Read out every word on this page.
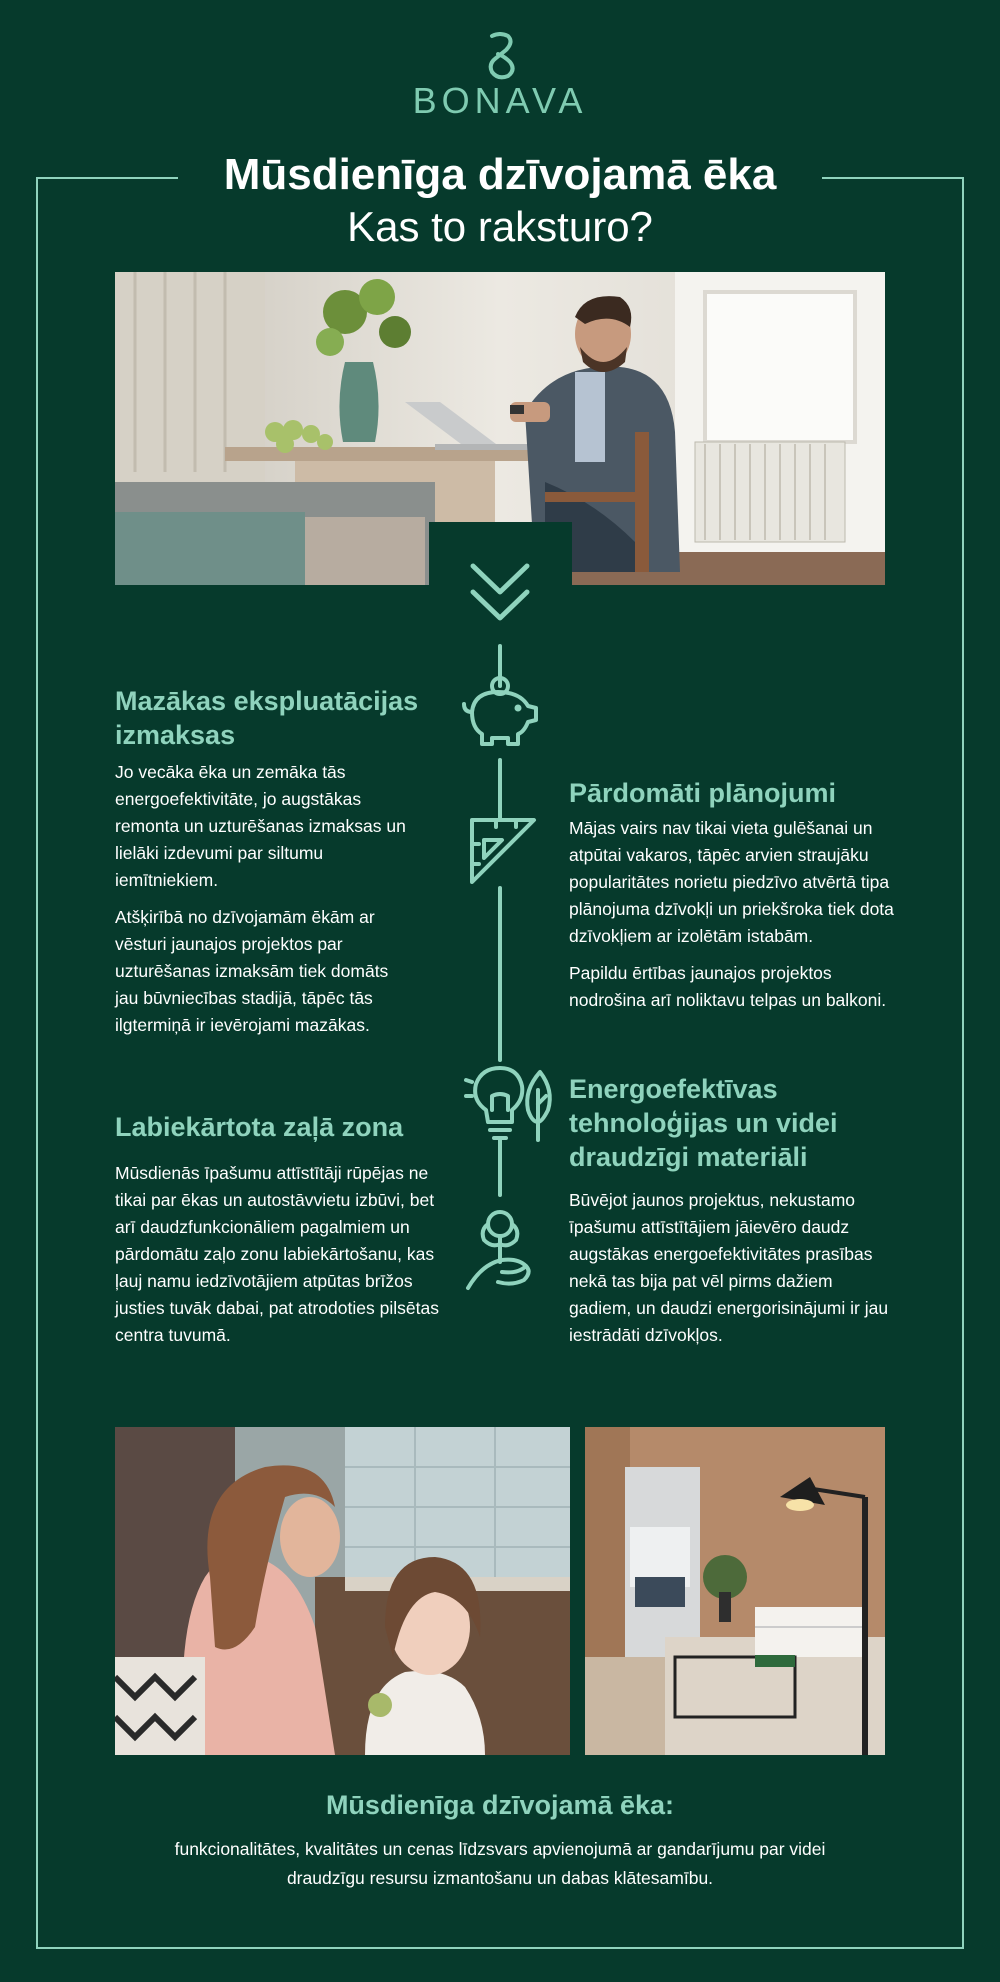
BONAVA
Mūsdienīga dzīvojamā ēka
Kas to raksturo?
Mazākas ekspluatācijas izmaksas

Jo vecāka ēka un zemāka tās energoefektivitāte, jo augstākas remonta un uzturēšanas izmaksas un lielāki izdevumi par siltumu iemītniekiem.

Atšķirībā no dzīvojamām ēkām ar vēsturi jaunajos projektos par uzturēšanas izmaksām tiek domāts jau būvniecības stadijā, tāpēc tās ilgtermiņā ir ievērojami mazākas.

Pārdomāti plānojumi

Mājas vairs nav tikai vieta gulēšanai un atpūtai vakaros, tāpēc arvien straujāku popularitātes norietu piedzīvo atvērtā tipa plānojuma dzīvokļi un priekšroka tiek dota dzīvokļiem ar izolētām istabām.

Papildu ērtības jaunajos projektos nodrošina arī noliktavu telpas un balkoni.

Energoefektīvas tehnoloģijas un videi draudzīgi materiāli

Būvējot jaunos projektus, nekustamo īpašumu attīstītājiem jāievēro daudz augstākas energoefektivitātes prasības nekā tas bija pat vēl pirms dažiem gadiem, un daudzi energorisinājumi ir jau iestrādāti dzīvokļos.

Labiekārtota zaļā zona

Mūsdienās īpašumu attīstītāji rūpējas ne tikai par ēkas un autostāvvietu izbūvi, bet arī daudzfunkcionāliem pagalmiem un pārdomātu zaļo zonu labiekārtošanu, kas ļauj namu iedzīvotājiem atpūtas brīžos justies tuvāk dabai, pat atrodoties pilsētas centra tuvumā.

Mūsdienīga dzīvojamā ēka:
funkcionalitātes, kvalitātes un cenas līdzsvars apvienojumā ar gandarījumu par videi draudzīgu resursu izmantošanu un dabas klātesamību.
